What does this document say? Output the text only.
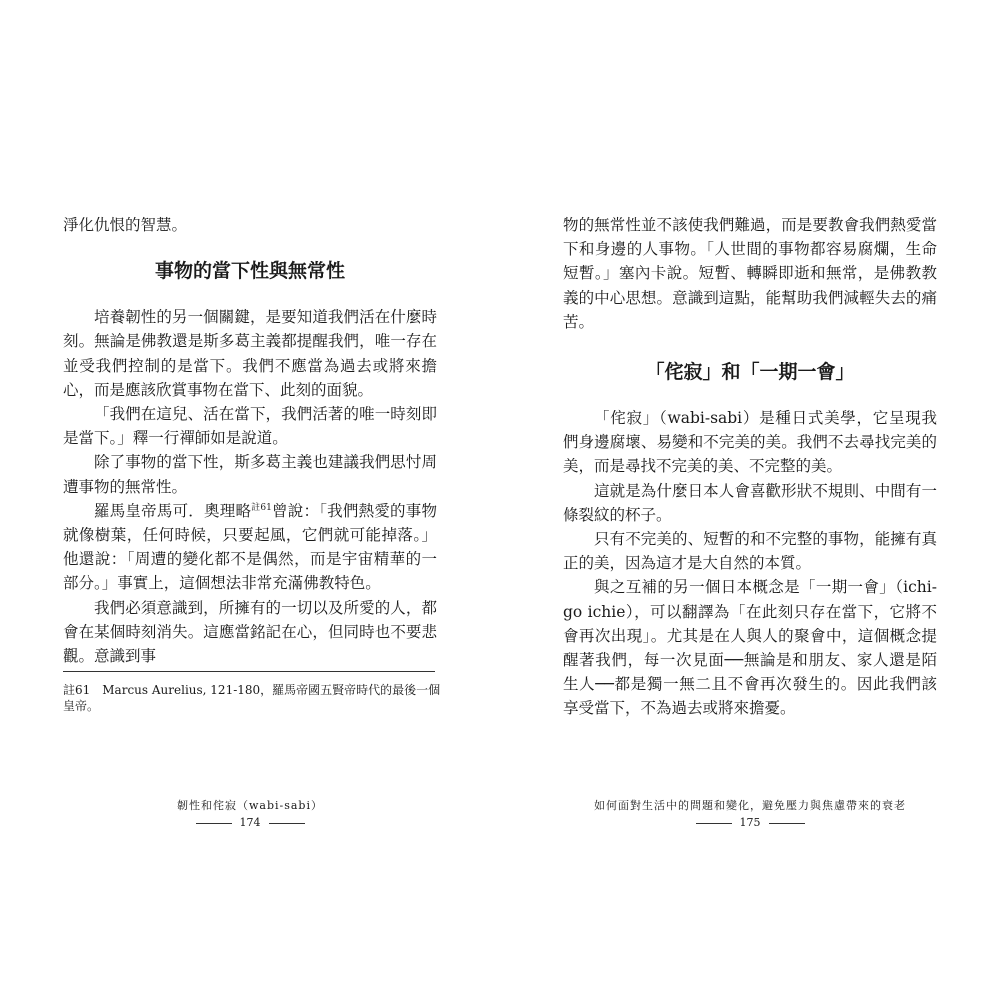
淨化仇恨的智慧。

事物的當下性與無常性

培養韌性的另一個關鍵，是要知道我們活在什麼時刻。無論是佛教還是斯多葛主義都提醒我們，唯一存在並受我們控制的是當下。我們不應當為過去或將來擔心，而是應該欣賞事物在當下、此刻的面貌。

「我們在這兒、活在當下，我們活著的唯一時刻即是當下。」釋一行禪師如是說道。

除了事物的當下性，斯多葛主義也建議我們思忖周遭事物的無常性。

羅馬皇帝馬可．奧理略$^{註61}$曾說：「我們熱愛的事物就像樹葉，任何時候，只要起風，它們就可能掉落。」他還說：「周遭的變化都不是偶然，而是宇宙精華的一部分。」事實上，這個想法非常充滿佛教特色。

我們必須意識到，所擁有的一切以及所愛的人，都會在某個時刻消失。這應當銘記在心，但同時也不要悲觀。意識到事

註61　Marcus Aurelius, 121-180，羅馬帝國五賢帝時代的最後一個皇帝。
韌性和侘寂（wabi-sabi）
174

物的無常性並不該使我們難過，而是要教會我們熱愛當下和身邊的人事物。「人世間的事物都容易腐爛，生命短暫。」塞內卡說。短暫、轉瞬即逝和無常，是佛教教義的中心思想。意識到這點，能幫助我們減輕失去的痛苦。

「侘寂」和「一期一會」

「侘寂」（wabi-sabi）是種日式美學，它呈現我們身邊腐壞、易變和不完美的美。我們不去尋找完美的美，而是尋找不完美的美、不完整的美。

這就是為什麼日本人會喜歡形狀不規則、中間有一條裂紋的杯子。

只有不完美的、短暫的和不完整的事物，能擁有真正的美，因為這才是大自然的本質。

與之互補的另一個日本概念是「一期一會」（ichi-go ichie），可以翻譯為「在此刻只存在當下，它將不會再次出現」。尤其是在人與人的聚會中，這個概念提醒著我們，每一次見面──無論是和朋友、家人還是陌生人──都是獨一無二且不會再次發生的。因此我們該享受當下，不為過去或將來擔憂。

如何面對生活中的問題和變化，避免壓力與焦慮帶來的衰老
175
